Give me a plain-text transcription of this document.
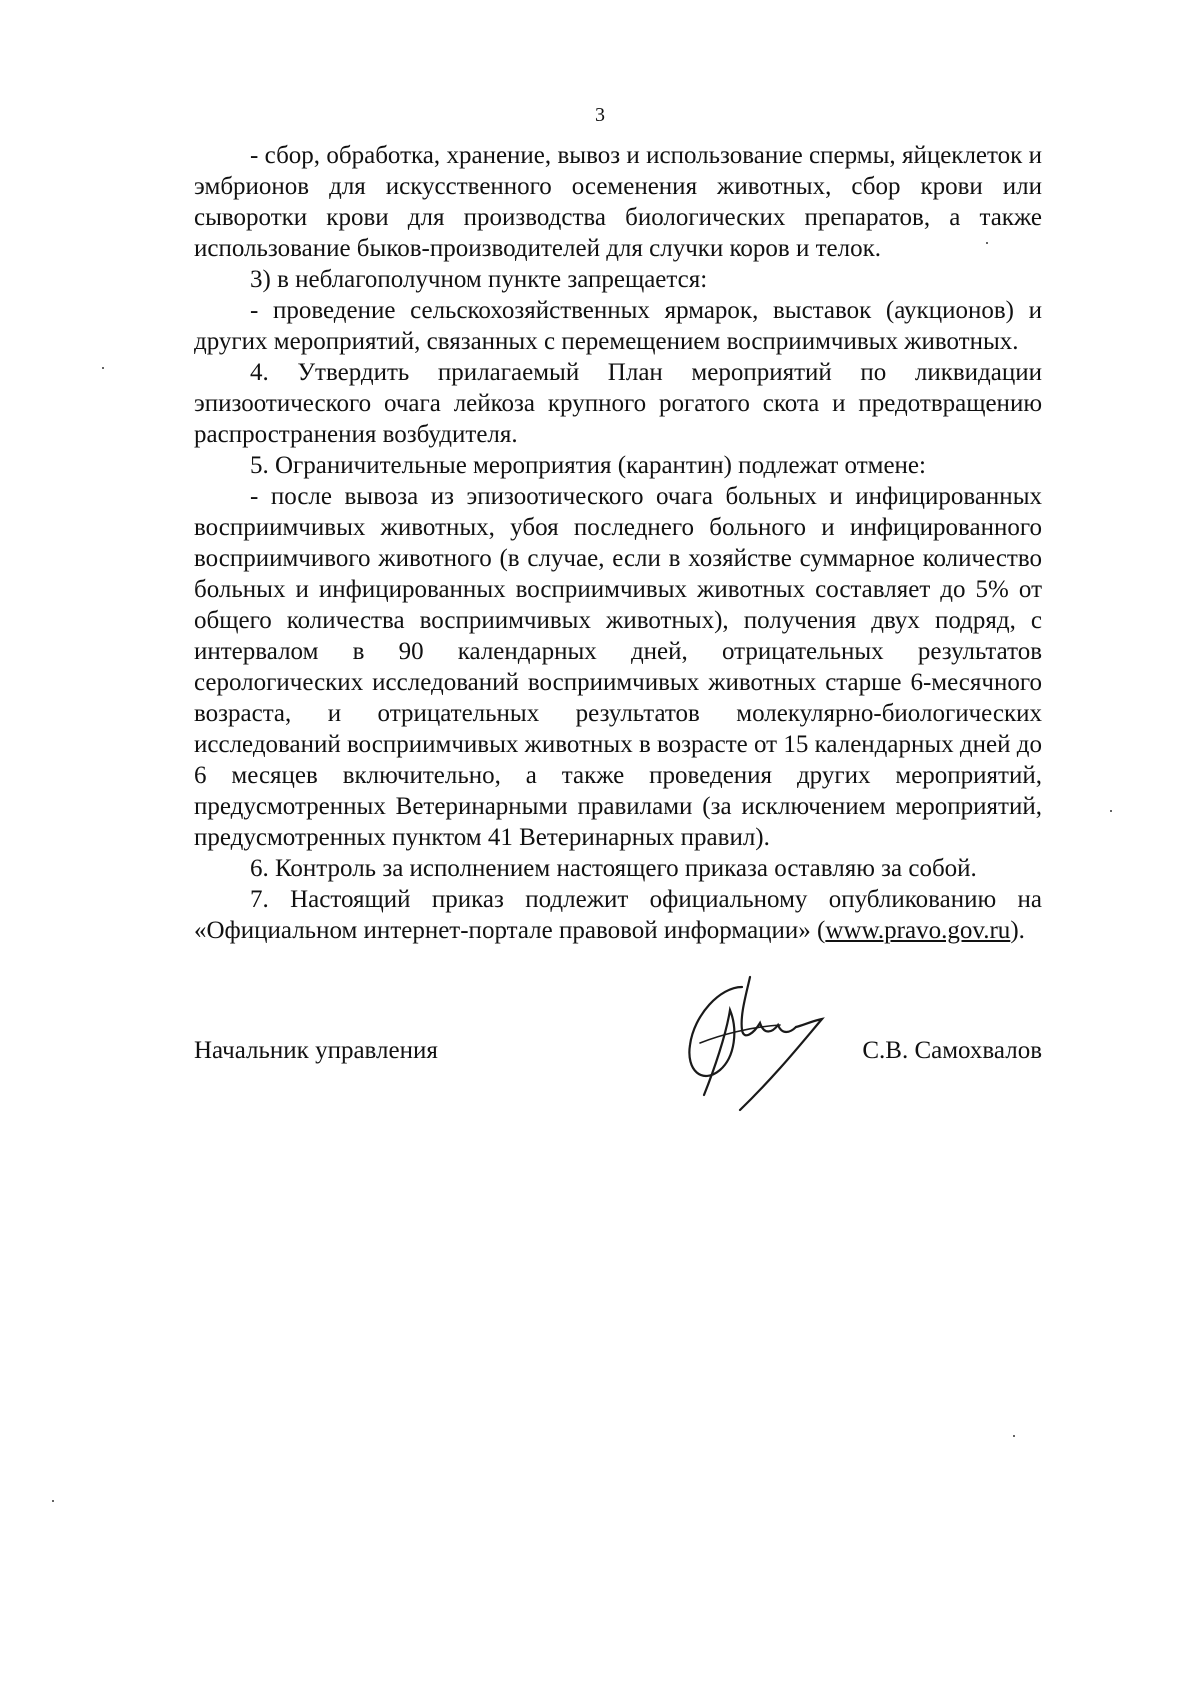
3

- сбор, обработка, хранение, вывоз и использование спермы, яйцеклеток и эмбрионов для искусственного осеменения животных, сбор крови или сыворотки крови для производства биологических препаратов, а также использование быков-производителей для случки коров и телок.

3) в неблагополучном пункте запрещается:

- проведение сельскохозяйственных ярмарок, выставок (аукционов) и других мероприятий, связанных с перемещением восприимчивых животных.

4. Утвердить прилагаемый План мероприятий по ликвидации эпизоотического очага лейкоза крупного рогатого скота и предотвращению распространения возбудителя.

5. Ограничительные мероприятия (карантин) подлежат отмене:

- после вывоза из эпизоотического очага больных и инфицированных восприимчивых животных, убоя последнего больного и инфицированного восприимчивого животного (в случае, если в хозяйстве суммарное количество больных и инфицированных восприимчивых животных составляет до 5% от общего количества восприимчивых животных), получения двух подряд, с интервалом в 90 календарных дней, отрицательных результатов серологических исследований восприимчивых животных старше 6-месячного возраста, и отрицательных результатов молекулярно-биологических исследований восприимчивых животных в возрасте от 15 календарных дней до 6 месяцев включительно, а также проведения других мероприятий, предусмотренных Ветеринарными правилами (за исключением мероприятий, предусмотренных пунктом 41 Ветеринарных правил).

6. Контроль за исполнением настоящего приказа оставляю за собой.

7. Настоящий приказ подлежит официальному опубликованию на «Официальном интернет-портале правовой информации» (www.pravo.gov.ru).

Начальник управления	С.В. Самохвалов
